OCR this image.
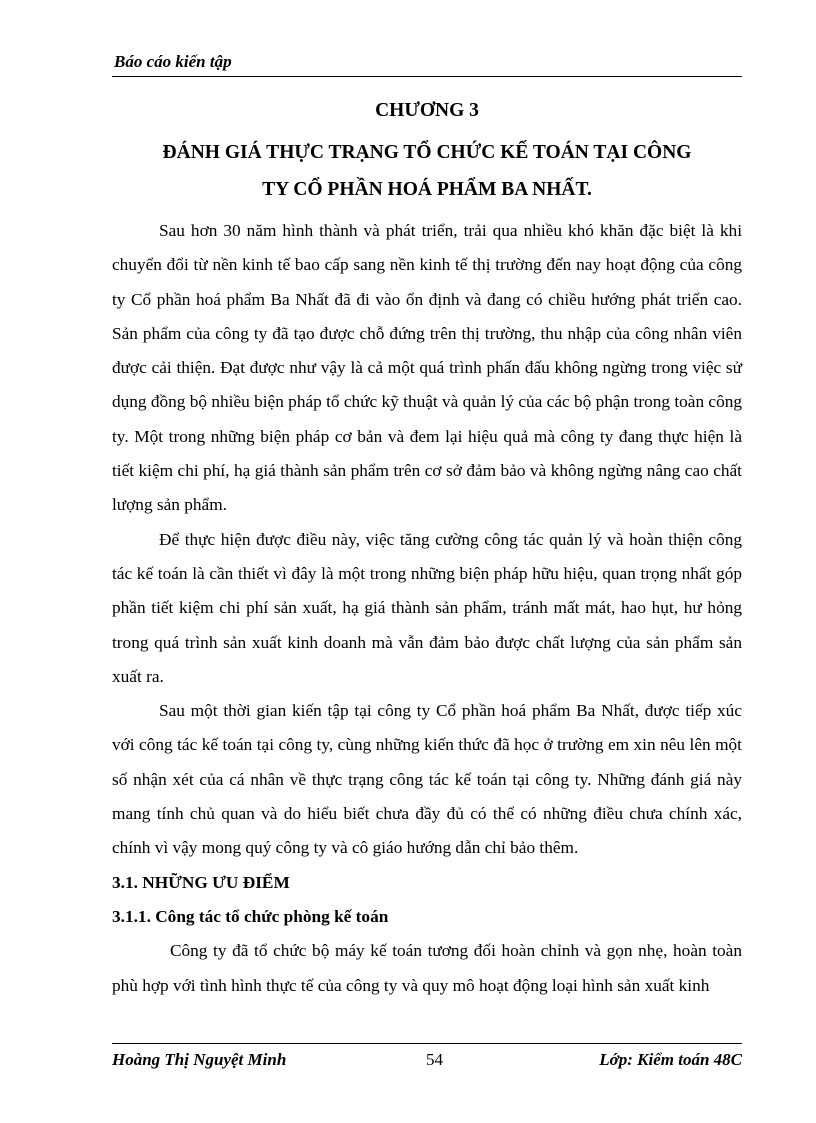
Báo cáo kiến tập
CHƯƠNG 3
ĐÁNH GIÁ THỰC TRẠNG TỔ CHỨC KẾ TOÁN TẠI CÔNG
TY CỔ PHẦN HOÁ PHẨM BA NHẤT.

Sau hơn 30 năm hình thành và phát triển, trải qua nhiều khó khăn đặc biệt là khi chuyển đổi từ nền kinh tế bao cấp sang nền kinh tế thị trường đến nay hoạt động của công ty Cổ phần hoá phẩm Ba Nhất đã đi vào ổn định và đang có chiều hướng phát triển cao. Sản phẩm của công ty đã tạo được chỗ đứng trên thị trường, thu nhập của công nhân viên được cải thiện. Đạt được như vậy là cả một quá trình phấn đấu không ngừng trong việc sử dụng đồng bộ nhiều biện pháp tổ chức kỹ thuật và quản lý của các bộ phận trong toàn công ty. Một trong những biện pháp cơ bản và đem lại hiệu quả mà công ty đang thực hiện là tiết kiệm chi phí, hạ giá thành sản phẩm trên cơ sở đảm bảo và không ngừng nâng cao chất lượng sản phẩm.

Để thực hiện được điều này, việc tăng cường công tác quản lý và hoàn thiện công tác kế toán là cần thiết vì đây là một trong những biện pháp hữu hiệu, quan trọng nhất góp phần tiết kiệm chi phí sản xuất, hạ giá thành sản phẩm, tránh mất mát, hao hụt, hư hỏng trong quá trình sản xuất kinh doanh mà vẫn đảm bảo được chất lượng của sản phẩm sản xuất ra.

Sau một thời gian kiến tập tại công ty Cổ phần hoá phẩm Ba Nhất, được tiếp xúc với công tác kế toán tại công ty, cùng những kiến thức đã học ở trường em xin nêu lên một số nhận xét của cá nhân về thực trạng công tác kế toán tại công ty. Những đánh giá này mang tính chủ quan và do hiểu biết chưa đầy đủ có thể có những điều chưa chính xác, chính vì vậy mong quý công ty và cô giáo hướng dẫn chỉ bảo thêm.

3.1. NHỮNG ƯU ĐIỂM

3.1.1. Công tác tổ chức phòng kế toán

Công ty đã tổ chức bộ máy kế toán tương đối hoàn chỉnh và gọn nhẹ, hoàn toàn phù hợp với tình hình thực tế của công ty và quy mô hoạt động loại hình sản xuất kinh

Hoàng Thị Nguyệt Minh	54	Lớp: Kiểm toán 48C
